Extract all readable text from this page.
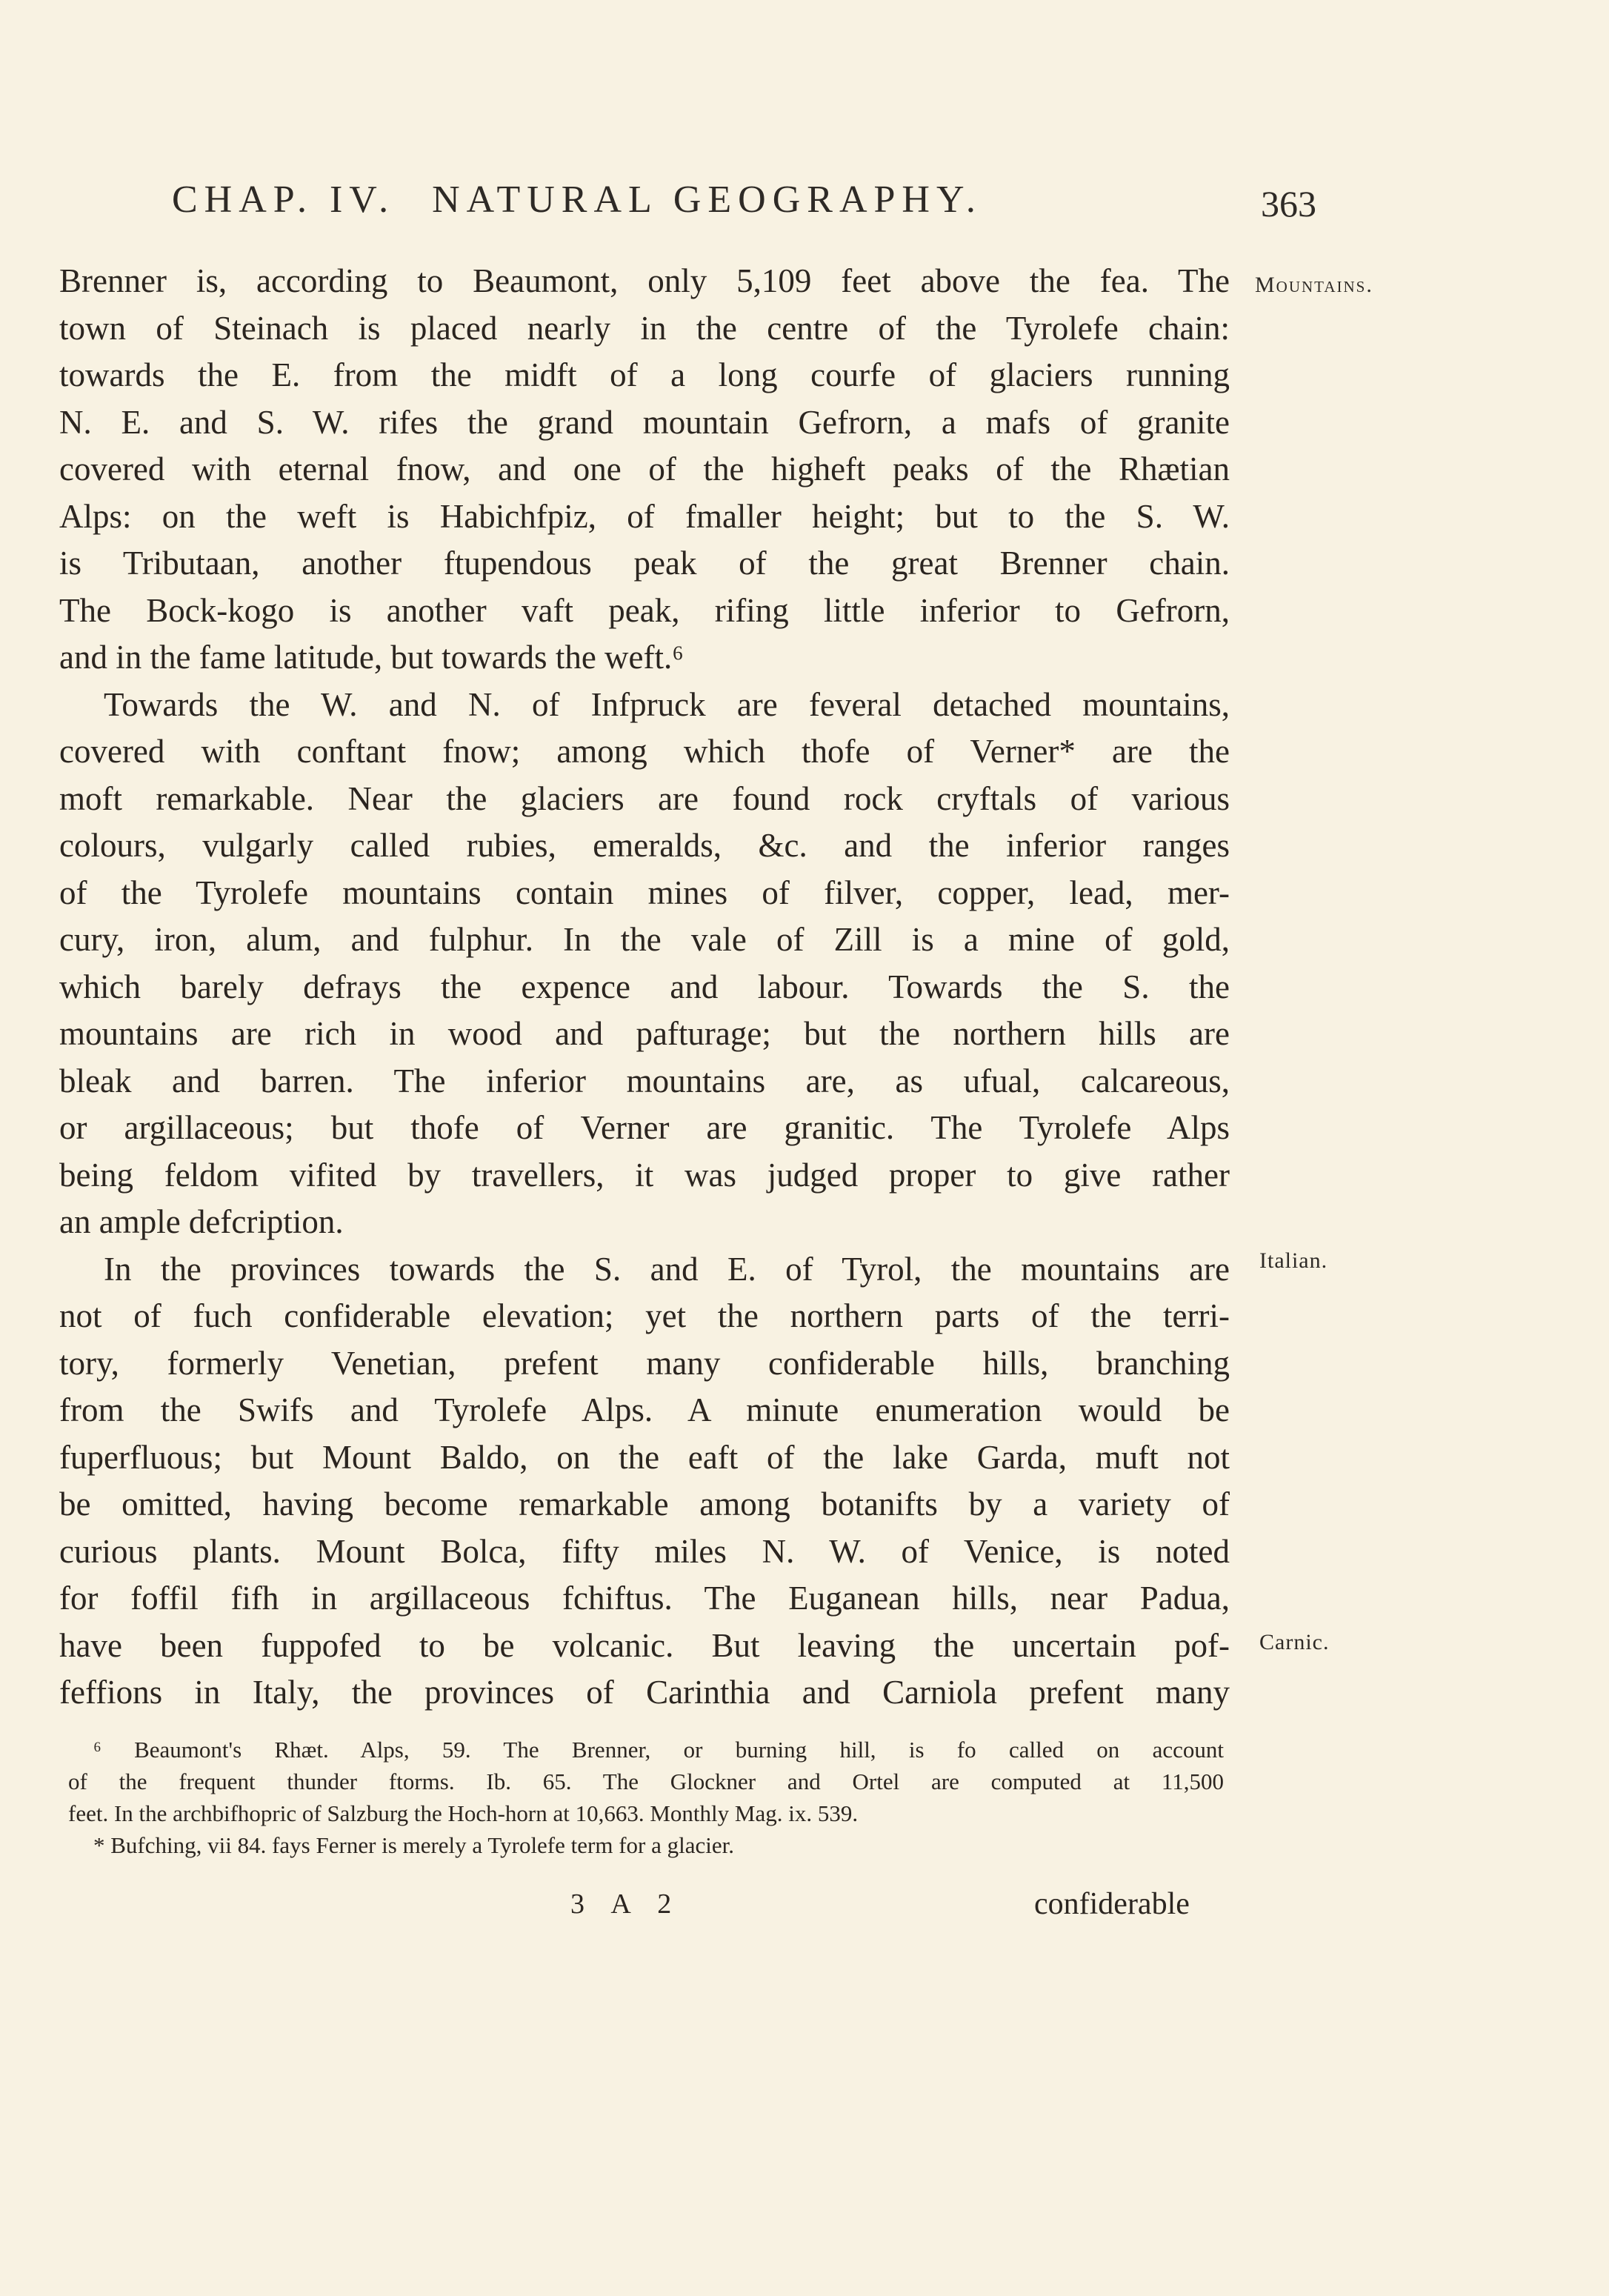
CHAP. IV. NATURAL GEOGRAPHY.	363
Mountains.
Italian.
Carnic.
Brenner is, according to Beaumont, only 5,109 feet above the fea. The
town of Steinach is placed nearly in the centre of the Tyrolefe chain:
towards the E. from the midft of a long courfe of glaciers running
N. E. and S. W. rifes the grand mountain Gefrorn, a mafs of granite
covered with eternal fnow, and one of the higheft peaks of the Rhætian
Alps: on the weft is Habichfpiz, of fmaller height; but to the S. W.
is Tributaan, another ftupendous peak of the great Brenner chain.
The Bock-kogo is another vaft peak, rifing little inferior to Gefrorn,
and in the fame latitude, but towards the weft.⁶
Towards the W. and N. of Infpruck are feveral detached mountains,
covered with conftant fnow; among which thofe of Verner* are the
moft remarkable. Near the glaciers are found rock cryftals of various
colours, vulgarly called rubies, emeralds, &c. and the inferior ranges
of the Tyrolefe mountains contain mines of filver, copper, lead, mer-
cury, iron, alum, and fulphur. In the vale of Zill is a mine of gold,
which barely defrays the expence and labour. Towards the S. the
mountains are rich in wood and pafturage; but the northern hills are
bleak and barren. The inferior mountains are, as ufual, calcareous,
or argillaceous; but thofe of Verner are granitic. The Tyrolefe Alps
being feldom vifited by travellers, it was judged proper to give rather
an ample defcription.
In the provinces towards the S. and E. of Tyrol, the mountains are
not of fuch confiderable elevation; yet the northern parts of the terri-
tory, formerly Venetian, prefent many confiderable hills, branching
from the Swifs and Tyrolefe Alps. A minute enumeration would be
fuperfluous; but Mount Baldo, on the eaft of the lake Garda, muft not
be omitted, having become remarkable among botanifts by a variety of
curious plants. Mount Bolca, fifty miles N. W. of Venice, is noted
for foffil fifh in argillaceous fchiftus. The Euganean hills, near Padua,
have been fuppofed to be volcanic. But leaving the uncertain pof-
feffions in Italy, the provinces of Carinthia and Carniola prefent many
⁶ Beaumont's Rhæt. Alps, 59. The Brenner, or burning hill, is fo called on account
of the frequent thunder ftorms. Ib. 65. The Glockner and Ortel are computed at 11,500
feet. In the archbifhopric of Salzburg the Hoch-horn at 10,663. Monthly Mag. ix. 539.
* Bufching, vii 84. fays Ferner is merely a Tyrolefe term for a glacier.
3 A 2	confiderable
